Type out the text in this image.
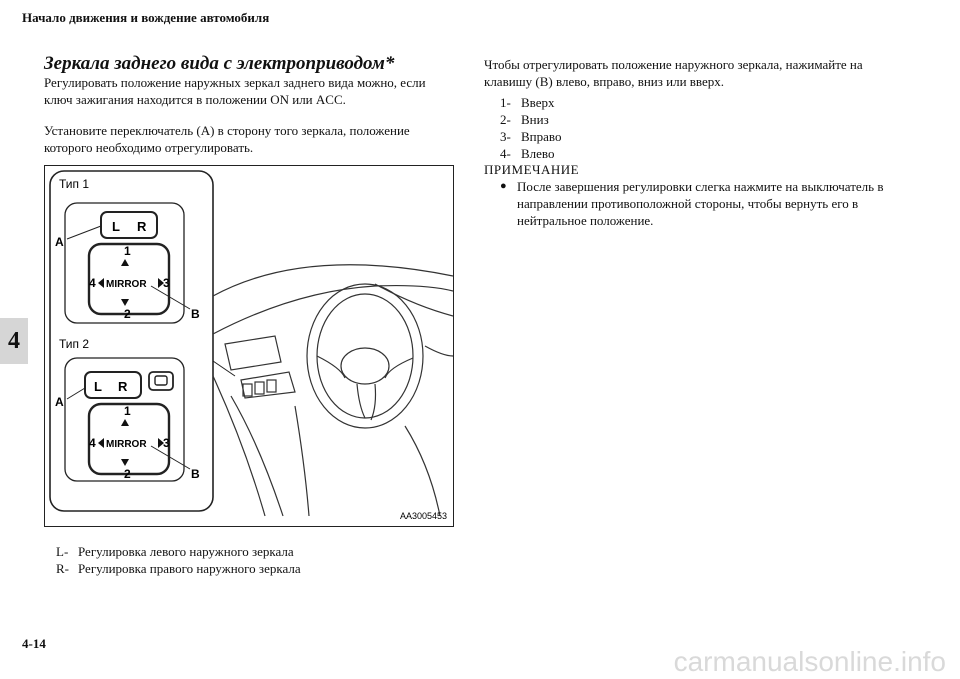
Начало движения и вождение автомобиля
4
Зеркала заднего вида с электроприводом*
Регулировать положение наружных зеркал заднего вида можно, если ключ зажигания находится в положении ON или ACC.
Установите переключатель (A) в сторону того зеркала, положение которого необходимо отрегулировать.
Тип 1
Тип 2
L R
1
4 MIRROR 3
2
A
B
L R
1
4 MIRROR 3
2
A
B
AA3005453
L- Регулировка левого наружного зеркала
R- Регулировка правого наружного зеркала
Чтобы отрегулировать положение наружного зеркала, нажимайте на клавишу (B) влево, вправо, вниз или вверх.
1- Вверх
2- Вниз
3- Вправо
4- Влево
ПРИМЕЧАНИЕ
● После завершения регулировки слегка нажмите на выключатель в направлении противоположной стороны, чтобы вернуть его в нейтральное положение.
4-14
carmanualsonline.info
